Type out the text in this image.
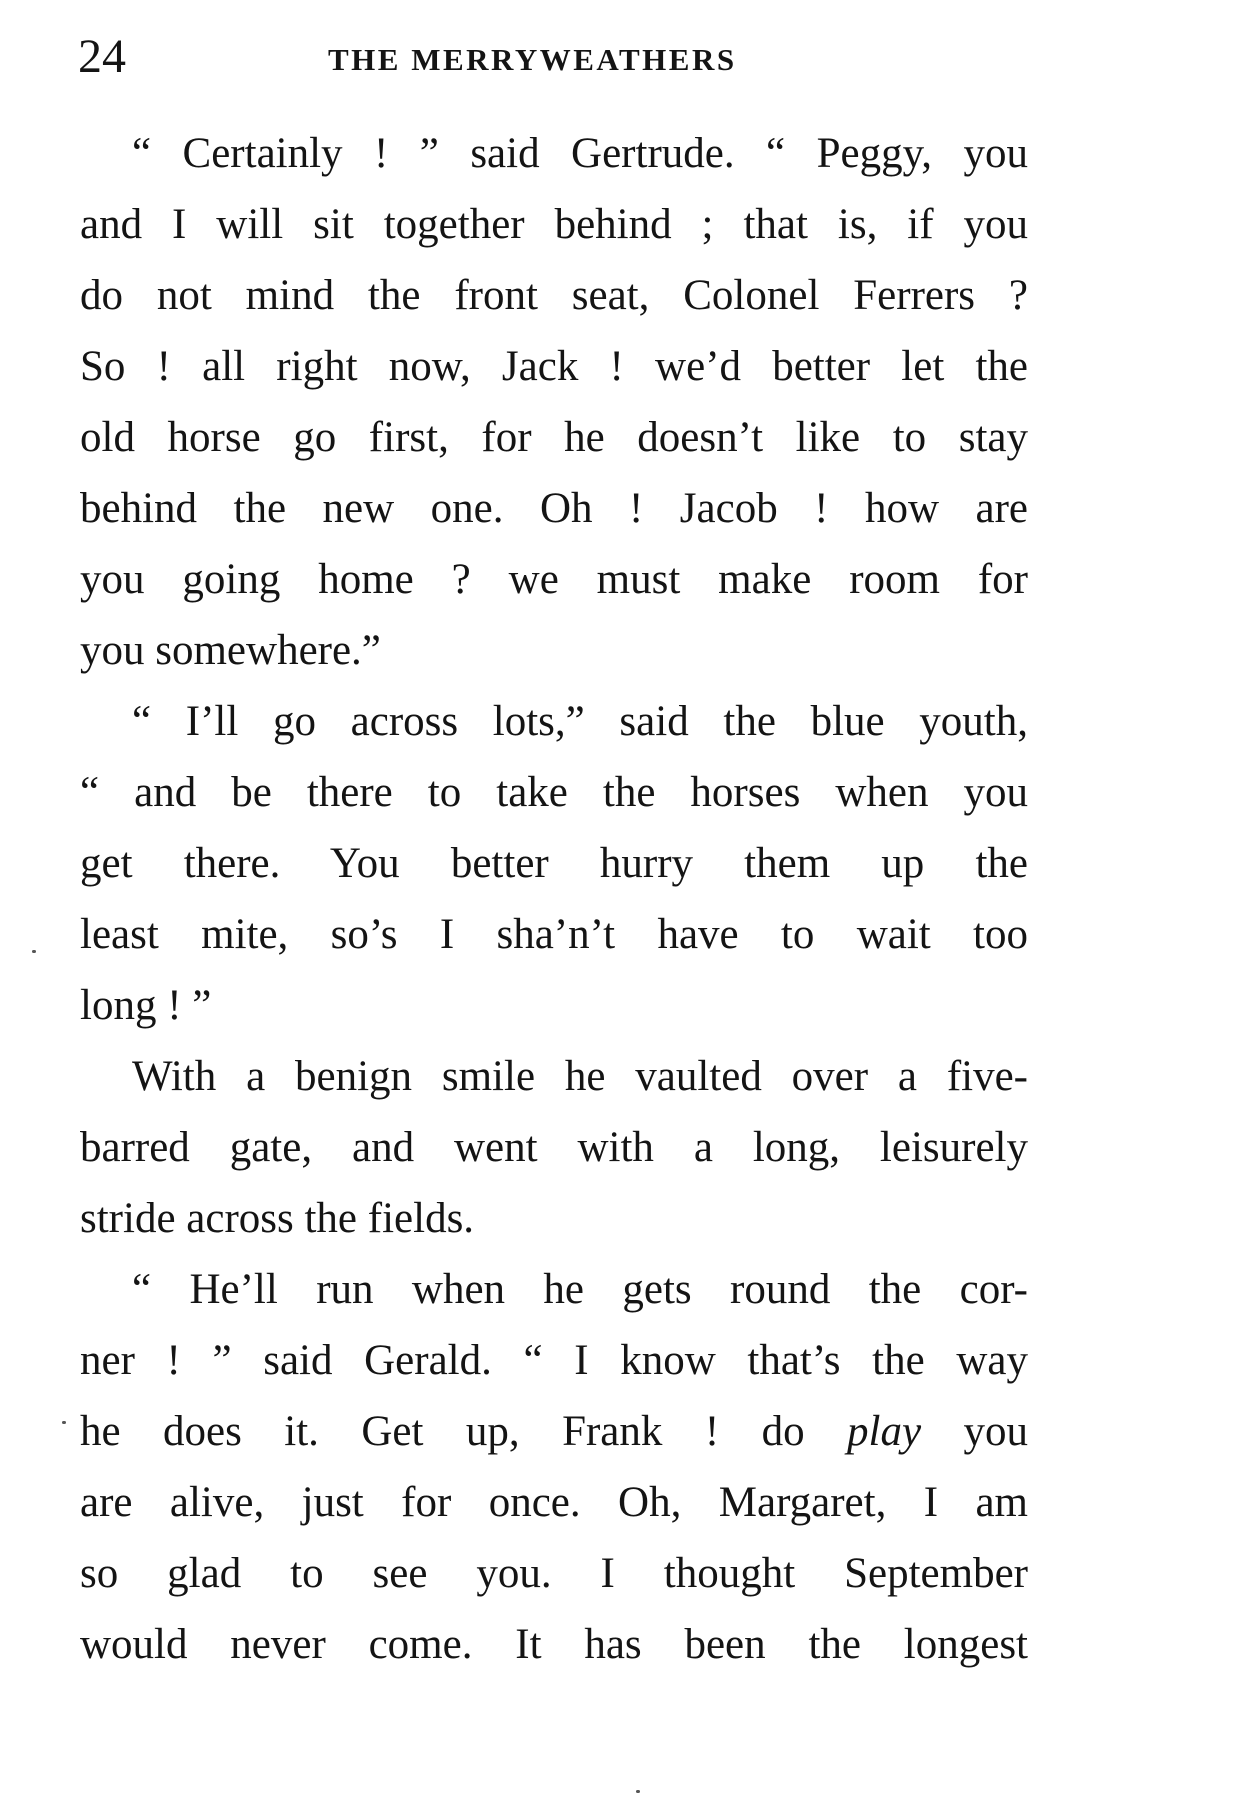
24	THE MERRYWEATHERS
“ Certainly ! ” said Gertrude. “ Peggy, you
and I will sit together behind ; that is, if you
do not mind the front seat, Colonel Ferrers ?
So ! all right now, Jack ! we’d better let the
old horse go first, for he doesn’t like to stay
behind the new one. Oh ! Jacob ! how are
you going home ? we must make room for
you somewhere.”
“ I’ll go across lots,” said the blue youth,
“ and be there to take the horses when you
get there. You better hurry them up the
least mite, so’s I sha’n’t have to wait too
long ! ”
With a benign smile he vaulted over a five-
barred gate, and went with a long, leisurely
stride across the fields.
“ He’ll run when he gets round the cor-
ner ! ” said Gerald. “ I know that’s the way
he does it. Get up, Frank ! do play you
are alive, just for once. Oh, Margaret, I am
so glad to see you. I thought September
would never come. It has been the longest
